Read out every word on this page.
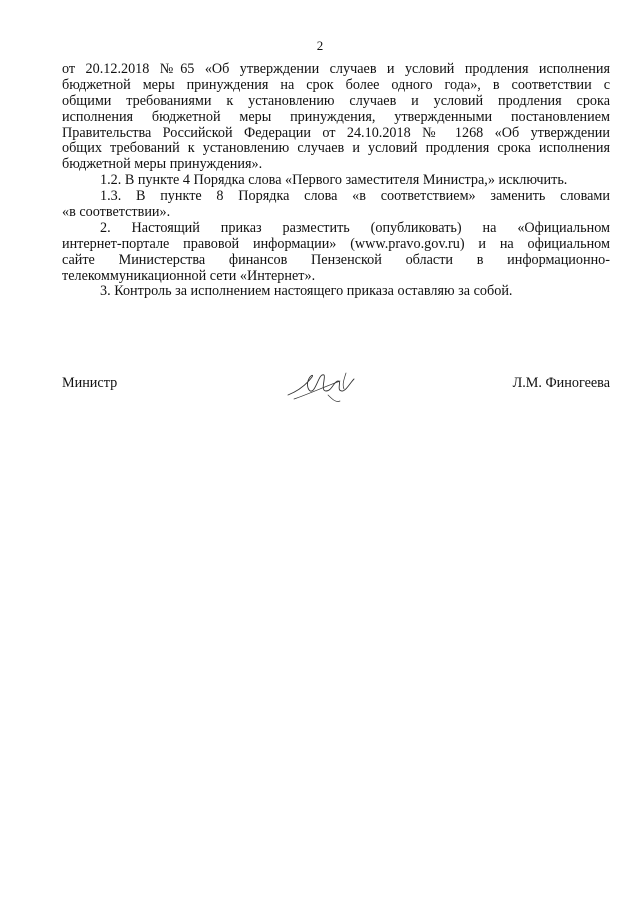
2
от 20.12.2018 №65 «Об утверждении случаев и условий продления исполнения
бюджетной меры принуждения на срок более одного года», в соответствии с
общими требованиями к установлению случаев и условий продления срока
исполнения бюджетной меры принуждения, утвержденными постановлением
Правительства Российской Федерации от 24.10.2018 № 1268 «Об утверждении
общих требований к установлению случаев и условий продления срока исполнения
бюджетной меры принуждения».
1.2. В пункте 4 Порядка слова «Первого заместителя Министра,» исключить.
1.3. В пункте 8 Порядка слова «в соответствием» заменить словами
«в соответствии».
2. Настоящий приказ разместить (опубликовать) на «Официальном
интернет-портале правовой информации» (www.pravo.gov.ru) и на официальном
сайте Министерства финансов Пензенской области в информационно-
телекоммуникационной сети «Интернет».
3. Контроль за исполнением настоящего приказа оставляю за собой.
Министр	Л.М. Финогеева
